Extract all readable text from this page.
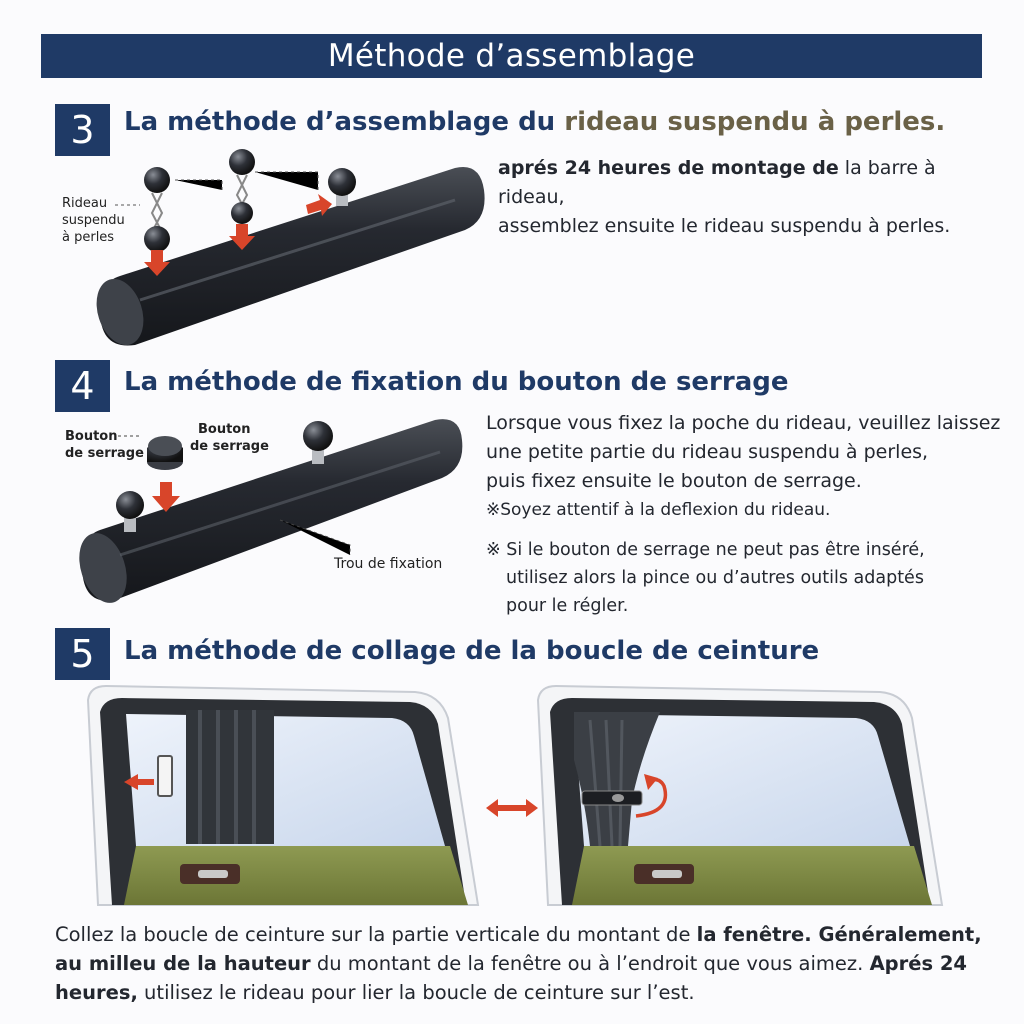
Méthode d’assemblage
3	La méthode d’assemblage du rideau suspendu à perles.
aprés 24 heures de montage de la barre à rideau,
assemblez ensuite le rideau suspendu à perles.
Rideau
suspendu
à perles
4	La méthode de fixation du bouton de serrage
Lorsque vous fixez la poche du rideau, veuillez laissez
une petite partie du rideau suspendu à perles,
puis fixez ensuite le bouton de serrage.
※Soyez attentif à la deflexion du rideau.
※ Si le bouton de serrage ne peut pas être inséré,
utilisez alors la pince ou d’autres outils adaptés
pour le régler.
Bouton
de serrage
Bouton
de serrage
Trou de fixation
5	La méthode de collage de la boucle de ceinture
Collez la boucle de ceinture sur la partie verticale du montant de la fenêtre. Généralement, au milleu de la hauteur du montant de la fenêtre ou à l’endroit que vous aimez. Aprés 24 heures, utilisez le rideau pour lier la boucle de ceinture sur l’est.
